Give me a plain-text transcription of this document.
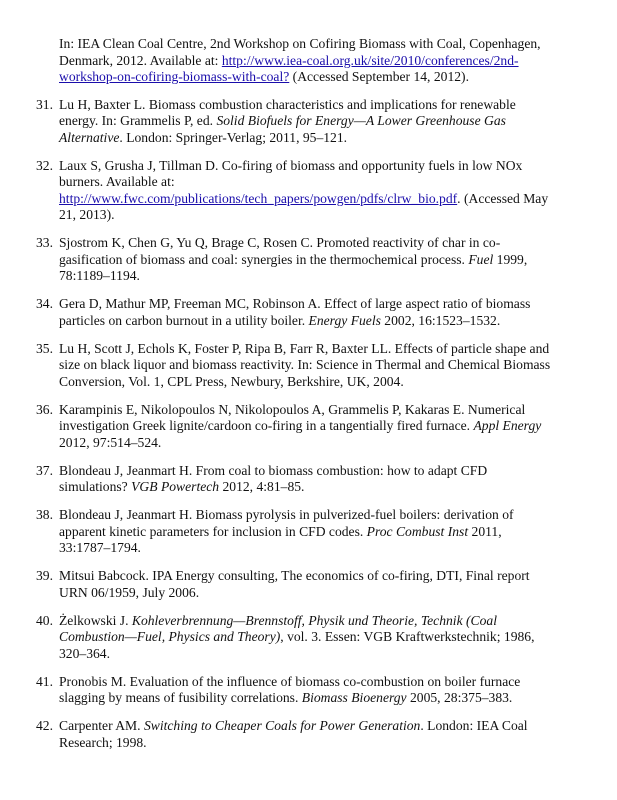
In: IEA Clean Coal Centre, 2nd Workshop on Cofiring Biomass with Coal, Copenhagen,
Denmark, 2012. Available at: http://www.iea-coal.org.uk/site/2010/conferences/2nd-
workshop-on-cofiring-biomass-with-coal? (Accessed September 14, 2012).
31. Lu H, Baxter L. Biomass combustion characteristics and implications for renewable
energy. In: Grammelis P, ed. Solid Biofuels for Energy—A Lower Greenhouse Gas
Alternative. London: Springer-Verlag; 2011, 95–121.
32. Laux S, Grusha J, Tillman D. Co-firing of biomass and opportunity fuels in low NOx
burners. Available at:
http://www.fwc.com/publications/tech_papers/powgen/pdfs/clrw_bio.pdf. (Accessed May
21, 2013).
33. Sjostrom K, Chen G, Yu Q, Brage C, Rosen C. Promoted reactivity of char in co-
gasification of biomass and coal: synergies in the thermochemical process. Fuel 1999,
78:1189–1194.
34. Gera D, Mathur MP, Freeman MC, Robinson A. Effect of large aspect ratio of biomass
particles on carbon burnout in a utility boiler. Energy Fuels 2002, 16:1523–1532.
35. Lu H, Scott J, Echols K, Foster P, Ripa B, Farr R, Baxter LL. Effects of particle shape and
size on black liquor and biomass reactivity. In: Science in Thermal and Chemical Biomass
Conversion, Vol. 1, CPL Press, Newbury, Berkshire, UK, 2004.
36. Karampinis E, Nikolopoulos N, Nikolopoulos A, Grammelis P, Kakaras E. Numerical
investigation Greek lignite/cardoon co-firing in a tangentially fired furnace. Appl Energy
2012, 97:514–524.
37. Blondeau J, Jeanmart H. From coal to biomass combustion: how to adapt CFD
simulations? VGB Powertech 2012, 4:81–85.
38. Blondeau J, Jeanmart H. Biomass pyrolysis in pulverized-fuel boilers: derivation of
apparent kinetic parameters for inclusion in CFD codes. Proc Combust Inst 2011,
33:1787–1794.
39. Mitsui Babcock. IPA Energy consulting, The economics of co-firing, DTI, Final report
URN 06/1959, July 2006.
40. Żelkowski J. Kohleverbrennung—Brennstoff, Physik und Theorie, Technik (Coal
Combustion—Fuel, Physics and Theory), vol. 3. Essen: VGB Kraftwerkstechnik; 1986,
320–364.
41. Pronobis M. Evaluation of the influence of biomass co-combustion on boiler furnace
slagging by means of fusibility correlations. Biomass Bioenergy 2005, 28:375–383.
42. Carpenter AM. Switching to Cheaper Coals for Power Generation. London: IEA Coal
Research; 1998.
